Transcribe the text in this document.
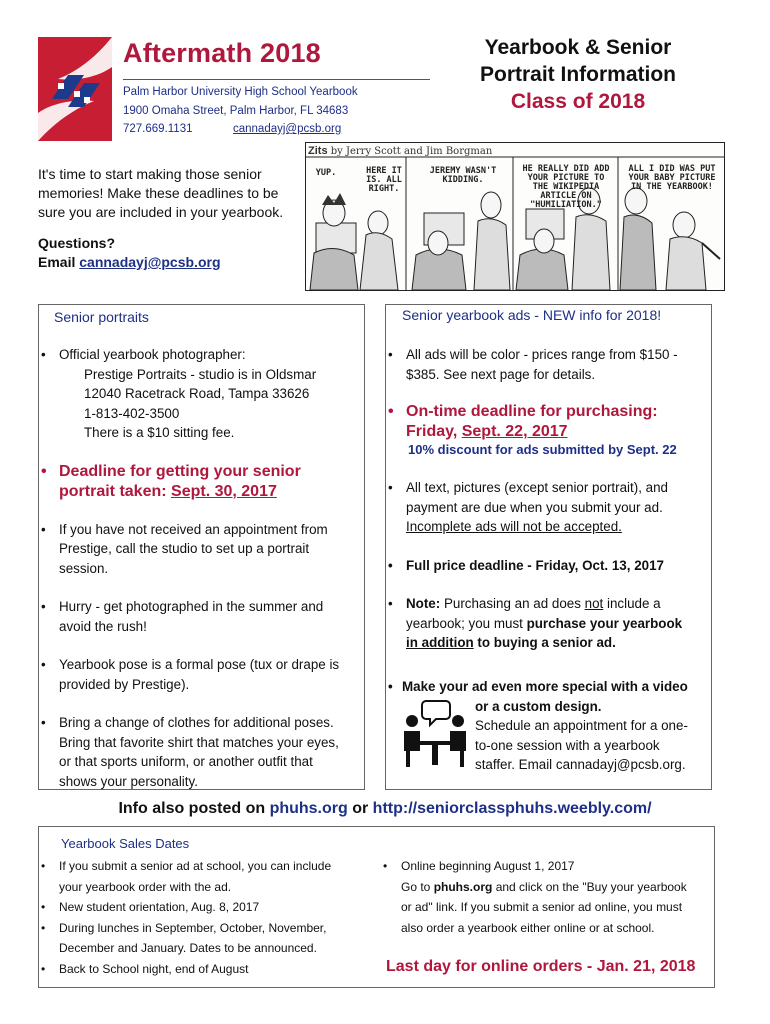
Aftermath 2018
Palm Harbor University High School Yearbook
1900 Omaha Street, Palm Harbor, FL 34683
727.669.1131	cannadayj@pcsb.org
Yearbook & Senior
Portrait Information
Class of 2018
It's time to start making those senior
memories! Make these deadlines to be
sure you are included in your yearbook.
Questions?
Email cannadayj@pcsb.org
Zits by Jerry Scott and Jim Borgman
YUP.	HERE IT IS. ALL RIGHT.
JEREMY WASN'T KIDDING.
HE REALLY DID ADD YOUR PICTURE TO THE WIKIPEDIA ARTICLE ON "HUMILIATION."
ALL I DID WAS PUT YOUR BABY PICTURE IN THE YEARBOOK!
Senior portraits
• Official yearbook photographer:
Prestige Portraits - studio is in Oldsmar
12040 Racetrack Road, Tampa 33626
1-813-402-3500
There is a $10 sitting fee.
• Deadline for getting your senior
portrait taken: Sept. 30, 2017
• If you have not received an appointment from
Prestige, call the studio to set up a portrait
session.
• Hurry - get photographed in the summer and
avoid the rush!
• Yearbook pose is a formal pose (tux or drape is
provided by Prestige).
• Bring a change of clothes for additional poses.
Bring that favorite shirt that matches your eyes,
or that sports uniform, or another outfit that
shows your personality.
Senior yearbook ads - NEW info for 2018!
• All ads will be color - prices range from $150 -
$385. See next page for details.
• On-time deadline for purchasing:
Friday, Sept. 22, 2017
10% discount for ads submitted by Sept. 22
• All text, pictures (except senior portrait), and
payment are due when you submit your ad.
Incomplete ads will not be accepted.
• Full price deadline - Friday, Oct. 13, 2017
• Note: Purchasing an ad does not include a
yearbook; you must purchase your yearbook
in addition to buying a senior ad.
• Make your ad even more special with a video
or a custom design.
Schedule an appointment for a one-
to-one session with a yearbook
staffer. Email cannadayj@pcsb.org.
Info also posted on phuhs.org or http://seniorclassphuhs.weebly.com/
Yearbook Sales Dates
• If you submit a senior ad at school, you can include
your yearbook order with the ad.
• New student orientation, Aug. 8, 2017
• During lunches in September, October, November,
December and January. Dates to be announced.
• Back to School night, end of August
• Online beginning August 1, 2017
Go to phuhs.org and click on the "Buy your yearbook
or ad" link. If you submit a senior ad online, you must
also order a yearbook either online or at school.
Last day for online orders - Jan. 21, 2018
